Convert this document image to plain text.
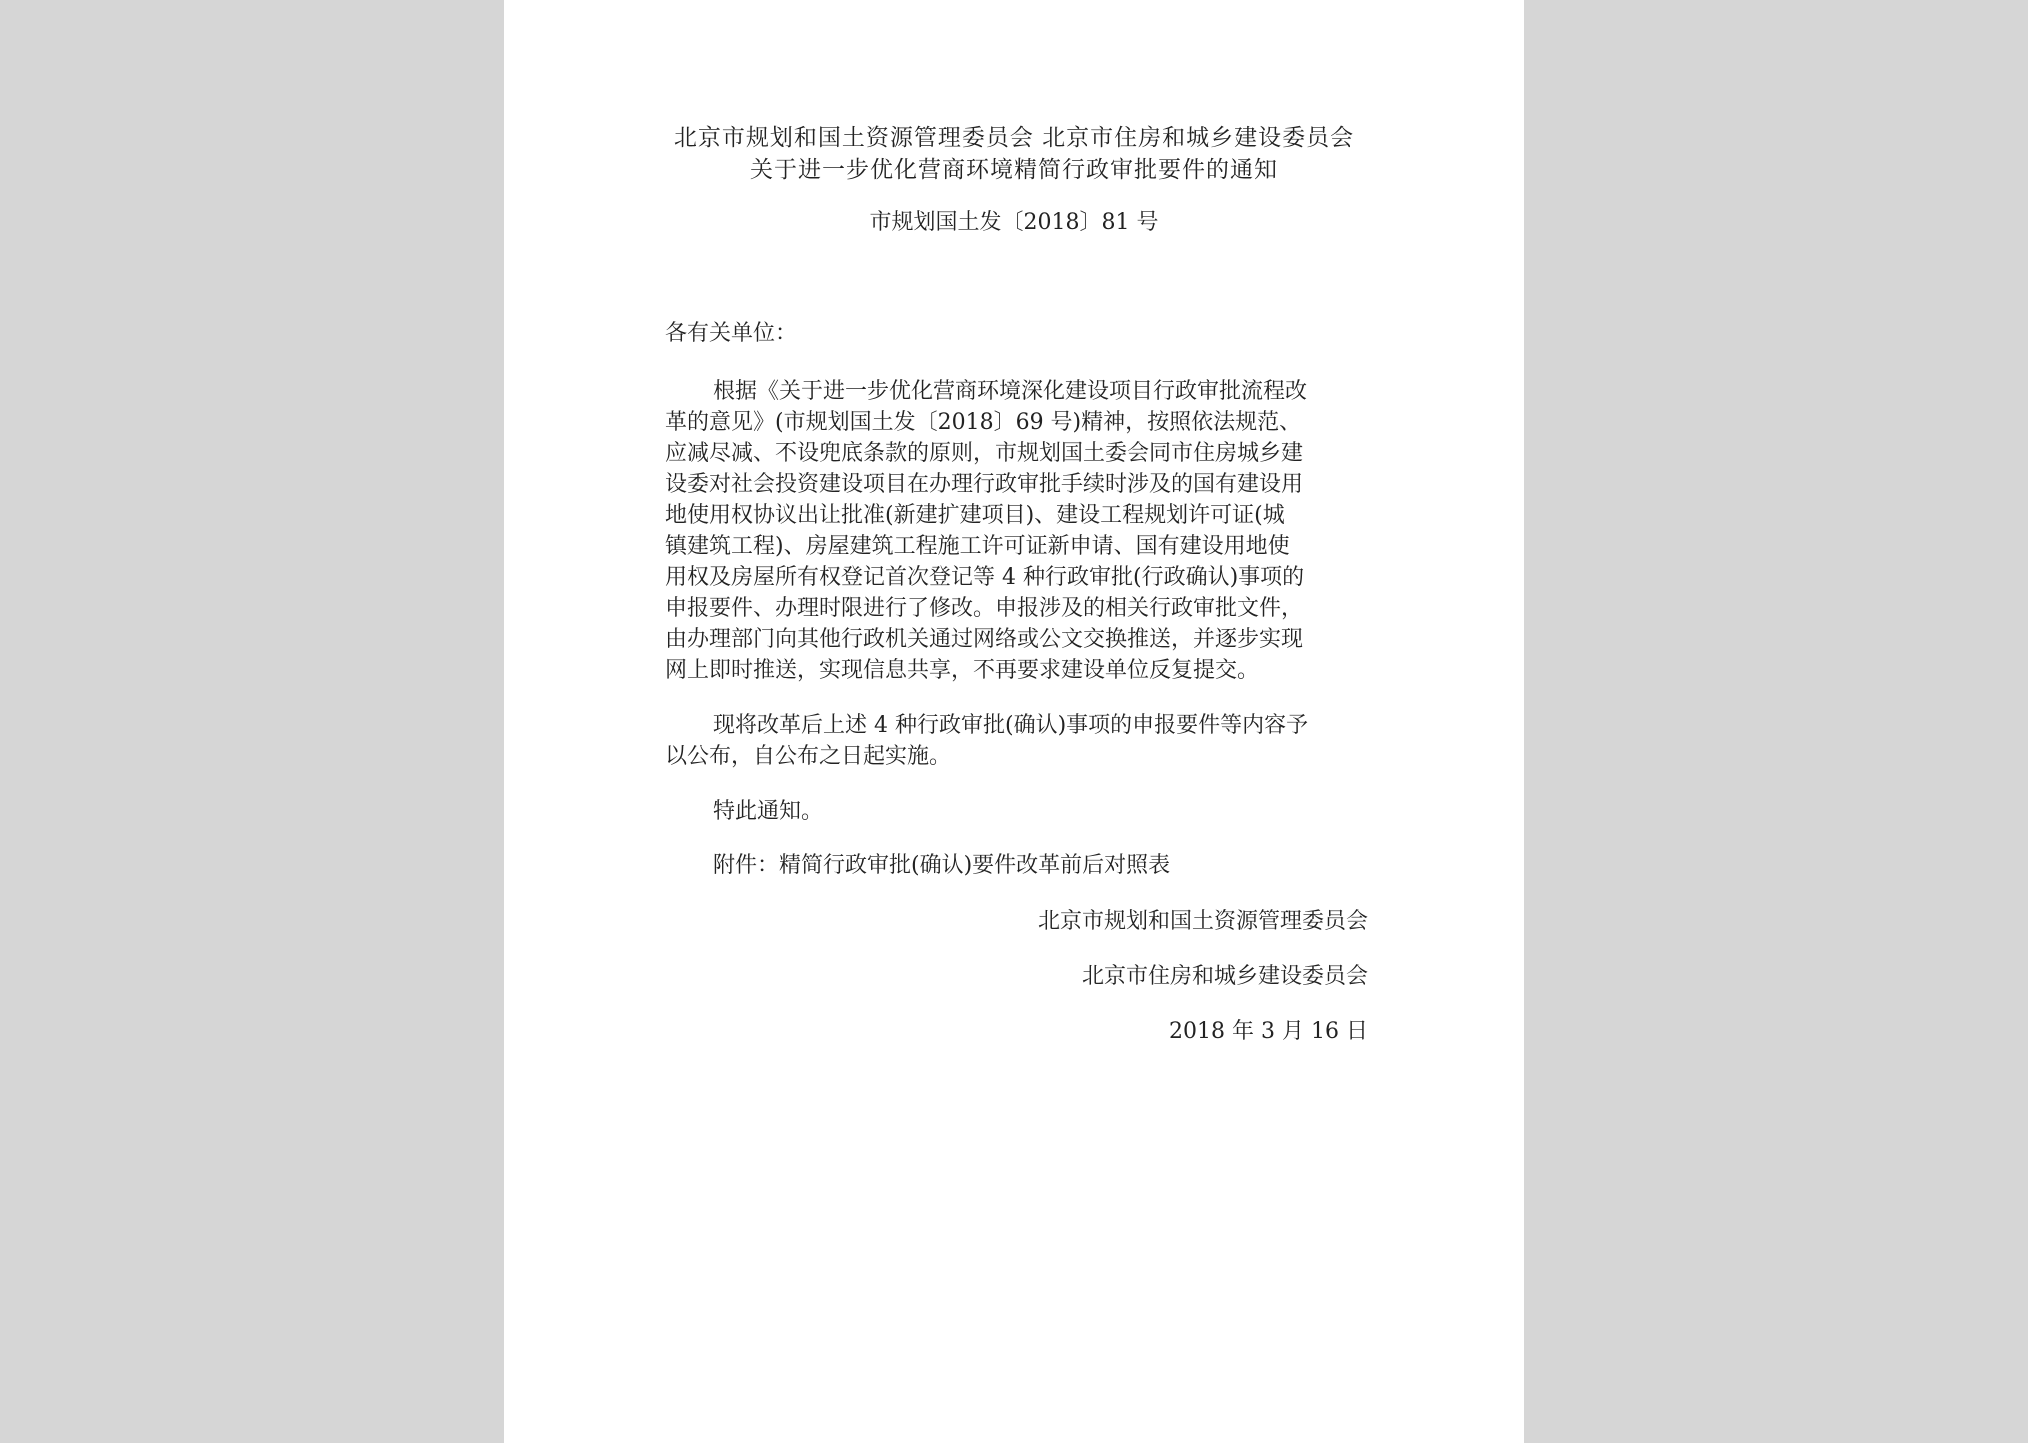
北京市规划和国土资源管理委员会 北京市住房和城乡建设委员会
关于进一步优化营商环境精简行政审批要件的通知
市规划国土发〔2018〕81 号
各有关单位：
根据《关于进一步优化营商环境深化建设项目行政审批流程改
革的意见》(市规划国土发〔2018〕69 号)精神，按照依法规范、
应减尽减、不设兜底条款的原则，市规划国土委会同市住房城乡建
设委对社会投资建设项目在办理行政审批手续时涉及的国有建设用
地使用权协议出让批准(新建扩建项目)、建设工程规划许可证(城
镇建筑工程)、房屋建筑工程施工许可证新申请、国有建设用地使
用权及房屋所有权登记首次登记等 4 种行政审批(行政确认)事项的
申报要件、办理时限进行了修改。申报涉及的相关行政审批文件，
由办理部门向其他行政机关通过网络或公文交换推送，并逐步实现
网上即时推送，实现信息共享，不再要求建设单位反复提交。
现将改革后上述 4 种行政审批(确认)事项的申报要件等内容予
以公布，自公布之日起实施。
特此通知。
附件：精简行政审批(确认)要件改革前后对照表
北京市规划和国土资源管理委员会
北京市住房和城乡建设委员会
2018 年 3 月 16 日
